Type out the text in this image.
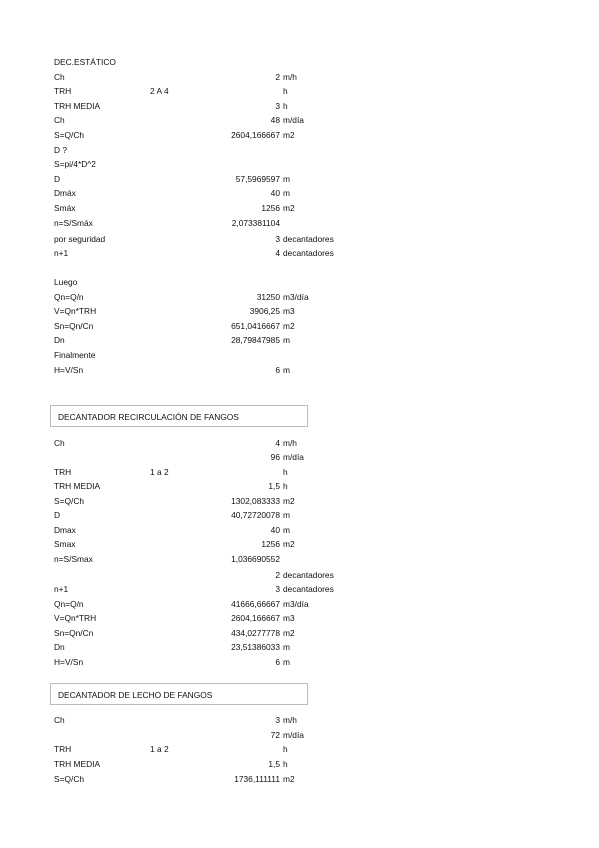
DEC.ESTÁTICO
Ch	2 m/h
TRH	2 A 4	h
TRH MEDIA	3 h
Ch	48 m/día
S=Q/Ch	2604,166667 m2
D ?
S=pi/4*D^2
D	57,5969597 m
Dmáx	40 m
Smáx	1256 m2
n=S/Smáx	2,073381104
por seguridad	3 decantadores
n+1	4 decantadores
Luego
Qn=Q/n	31250 m3/día
V=Qn*TRH	3906,25 m3
Sn=Qn/Cn	651,0416667 m2
Dn	28,79847985 m
Finalmente
H=V/Sn	6 m
Ch	4 m/h
96 m/día
TRH	1 a 2	h
TRH MEDIA	1,5 h
S=Q/Ch	1302,083333 m2
D	40,72720078 m
Dmax	40 m
Smax	1256 m2
n=S/Smax	1,036690552
2 decantadores
n+1	3 decantadores
Qn=Q/n	41666,66667 m3/día
V=Qn*TRH	2604,166667 m3
Sn=Qn/Cn	434,0277778 m2
Dn	23,51386033 m
H=V/Sn	6 m
Ch	3 m/h
72 m/día
TRH	1 a 2	h
TRH MEDIA	1,5 h
S=Q/Ch	1736,111111 m2
DECANTADOR RECIRCULACIÓN DE FANGOS
DECANTADOR DE LECHO DE FANGOS
